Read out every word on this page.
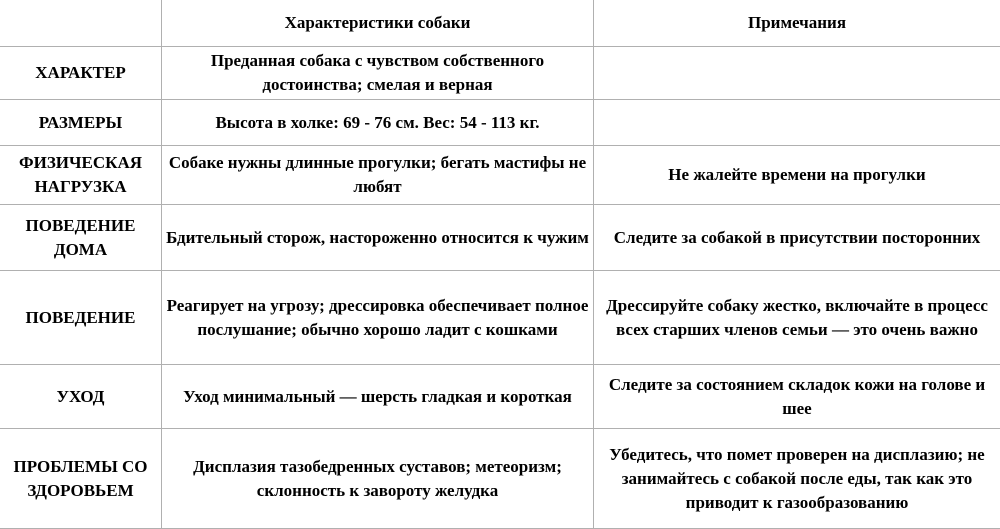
	Характеристики собаки	Примечания
ХАРАКТЕР	Преданная собака с чувством собственного достоинства; смелая и верная	
РАЗМЕРЫ	Высота в холке: 69 - 76 см. Вес: 54 - 113 кг.	
ФИЗИЧЕСКАЯ НАГРУЗКА	Собаке нужны длинные прогулки; бегать мастифы не любят	Не жалейте времени на прогулки
ПОВЕДЕНИЕ ДОМА	Бдительный сторож, настороженно относится к чужим	Следите за собакой в присутствии посторонних
ПОВЕДЕНИЕ	Реагирует на угрозу; дрессировка обеспечивает полное послушание; обычно хорошо ладит с кошками	Дрессируйте собаку жестко, включайте в процесс всех старших членов семьи — это очень важно
УХОД	Уход минимальный — шерсть гладкая и короткая	Следите за состоянием складок кожи на голове и шее
ПРОБЛЕМЫ СО ЗДОРОВЬЕМ	Дисплазия тазобедренных суставов; метеоризм; склонность к завороту желудка	Убедитесь, что помет проверен на дисплазию; не занимайтесь с собакой после еды, так как это приводит к газообразованию
